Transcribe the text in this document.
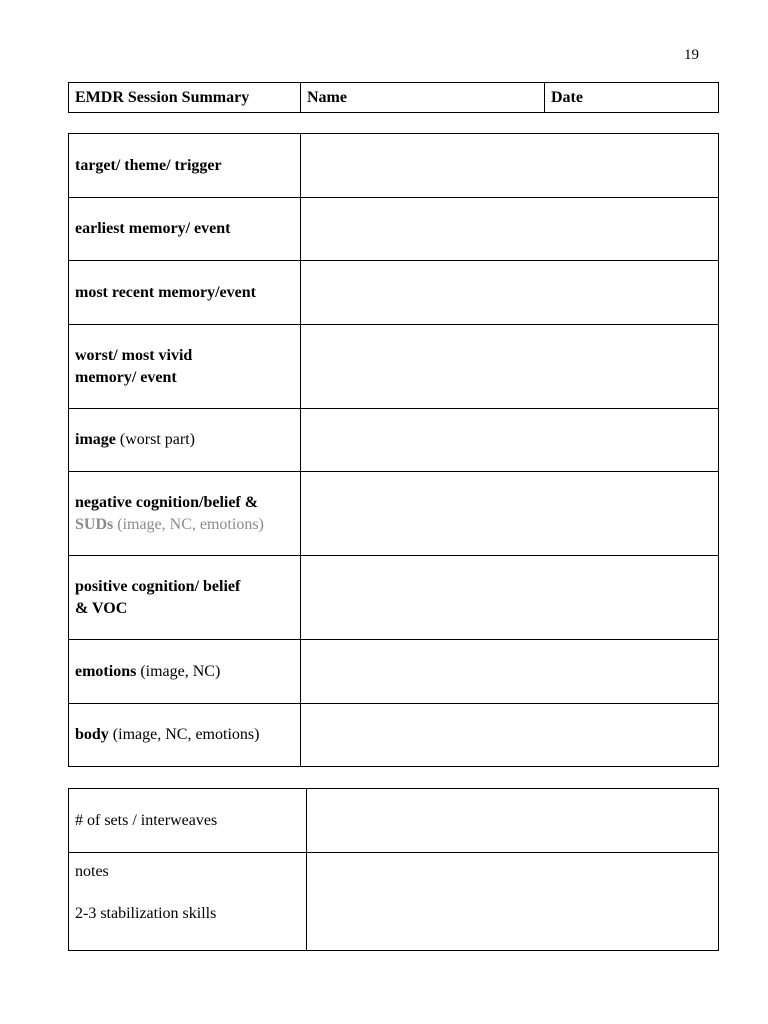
19
EMDR Session Summary	Name	Date
target/ theme/ trigger	
earliest memory/ event	
most recent memory/event	

worst/ most vivid
memory/ event	

image (worst part)	

negative cognition/belief &
SUDs (image, NC, emotions)	

positive cognition/ belief
& VOC	

emotions (image, NC)	
body (image, NC, emotions)	
# of sets / interweaves	

notes
2-3 stabilization skills	
